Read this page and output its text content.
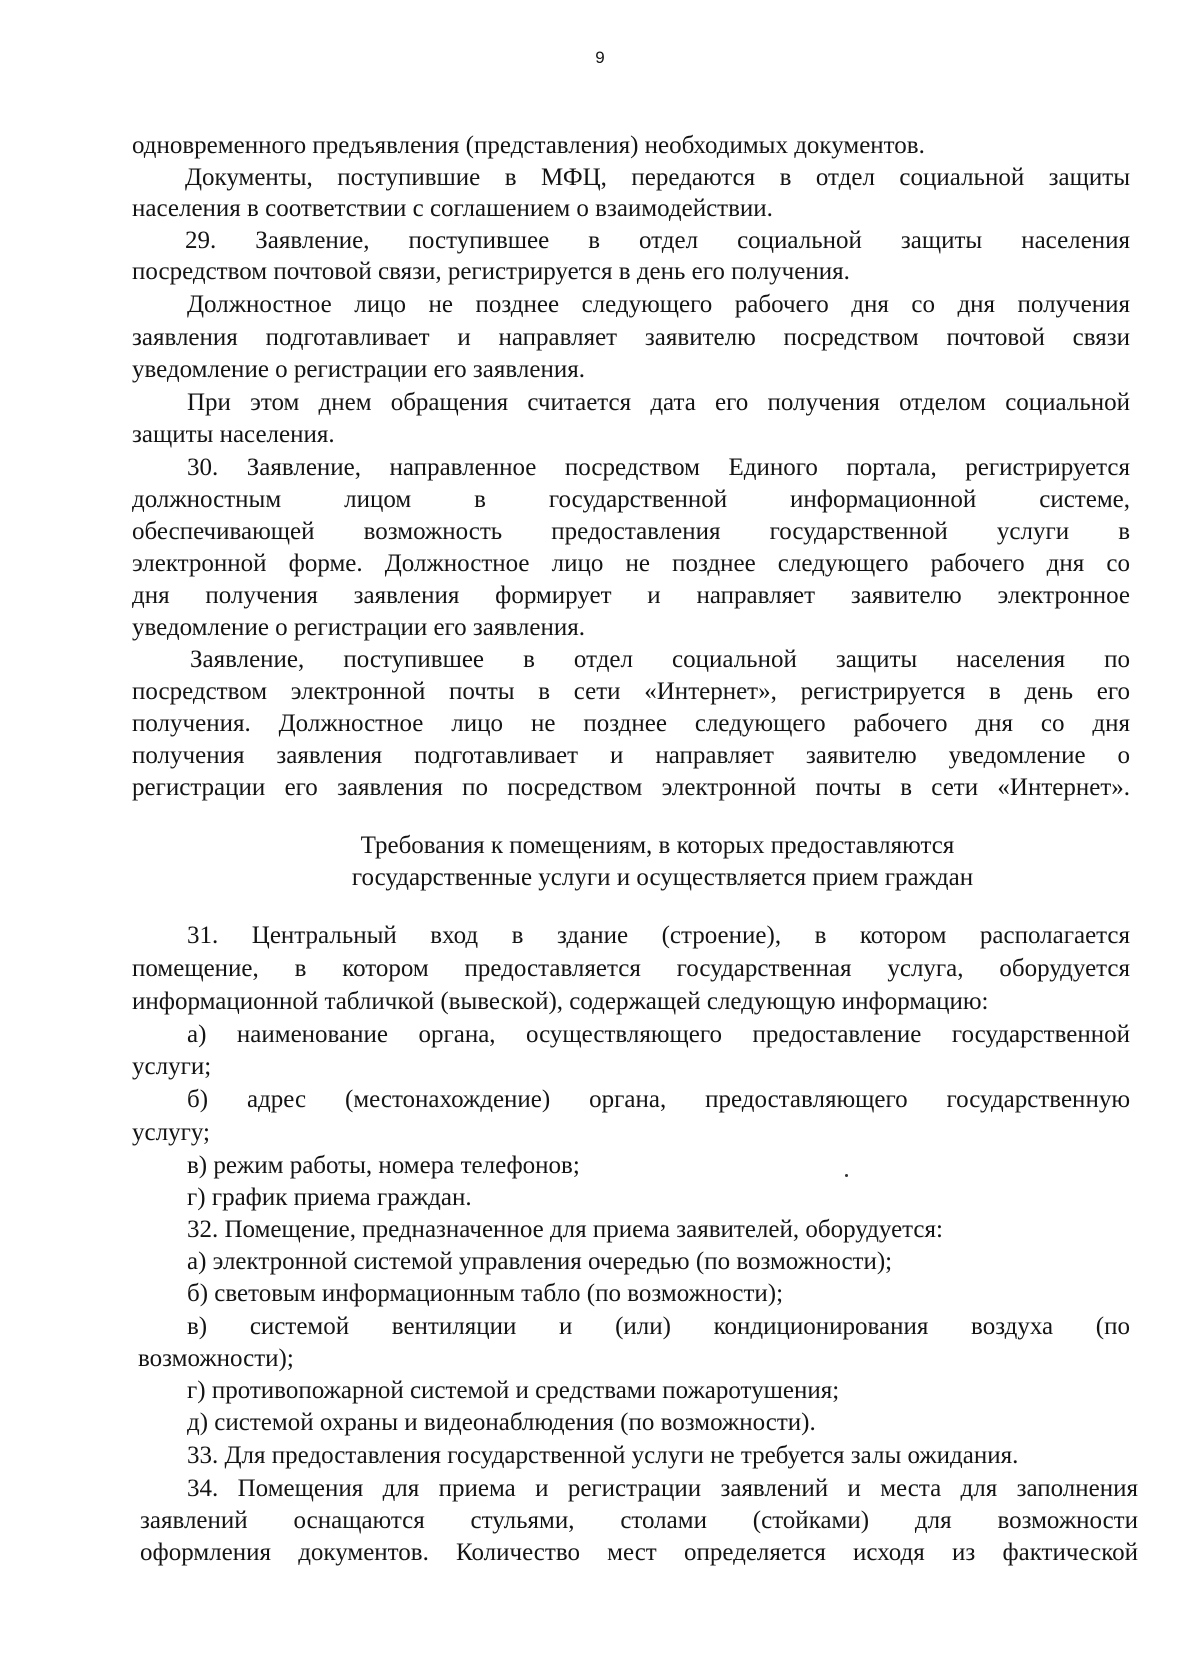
9
одновременного предъявления (представления) необходимых документов.
Документы, поступившие в МФЦ, передаются в отдел социальной защиты
населения в соответствии с соглашением о взаимодействии.
29. Заявление, поступившее в отдел социальной защиты населения
посредством почтовой связи, регистрируется в день его получения.
Должностное лицо не позднее следующего рабочего дня со дня получения
заявления подготавливает и направляет заявителю посредством почтовой связи
уведомление о регистрации его заявления.
При этом днем обращения считается дата его получения отделом социальной
защиты населения.
30. Заявление, направленное посредством Единого портала, регистрируется
должностным лицом в государственной информационной системе,
обеспечивающей возможность предоставления государственной услуги в
электронной форме. Должностное лицо не позднее следующего рабочего дня со
дня получения заявления формирует и направляет заявителю электронное
уведомление о регистрации его заявления.
Заявление, поступившее в отдел социальной защиты населения по
посредством электронной почты в сети «Интернет», регистрируется в день его
получения. Должностное лицо не позднее следующего рабочего дня со дня
получения заявления подготавливает и направляет заявителю уведомление о
регистрации его заявления по посредством электронной почты в сети «Интернет».
Требования к помещениям, в которых предоставляются
государственные услуги и осуществляется прием граждан
31. Центральный вход в здание (строение), в котором располагается
помещение, в котором предоставляется государственная услуга, оборудуется
информационной табличкой (вывеской), содержащей следующую информацию:
а) наименование органа, осуществляющего предоставление государственной
услуги;
б) адрес (местонахождение) органа, предоставляющего государственную
услугу;
в) режим работы, номера телефонов;
г) график приема граждан.
32. Помещение, предназначенное для приема заявителей, оборудуется:
а) электронной системой управления очередью (по возможности);
б) световым информационным табло (по возможности);
в) системой вентиляции и (или) кондиционирования воздуха (по
возможности);
г) противопожарной системой и средствами пожаротушения;
д) системой охраны и видеонаблюдения (по возможности).
33. Для предоставления государственной услуги не требуется залы ожидания.
34. Помещения для приема и регистрации заявлений и места для заполнения
заявлений оснащаются стульями, столами (стойками) для возможности
оформления документов. Количество мест определяется исходя из фактической
